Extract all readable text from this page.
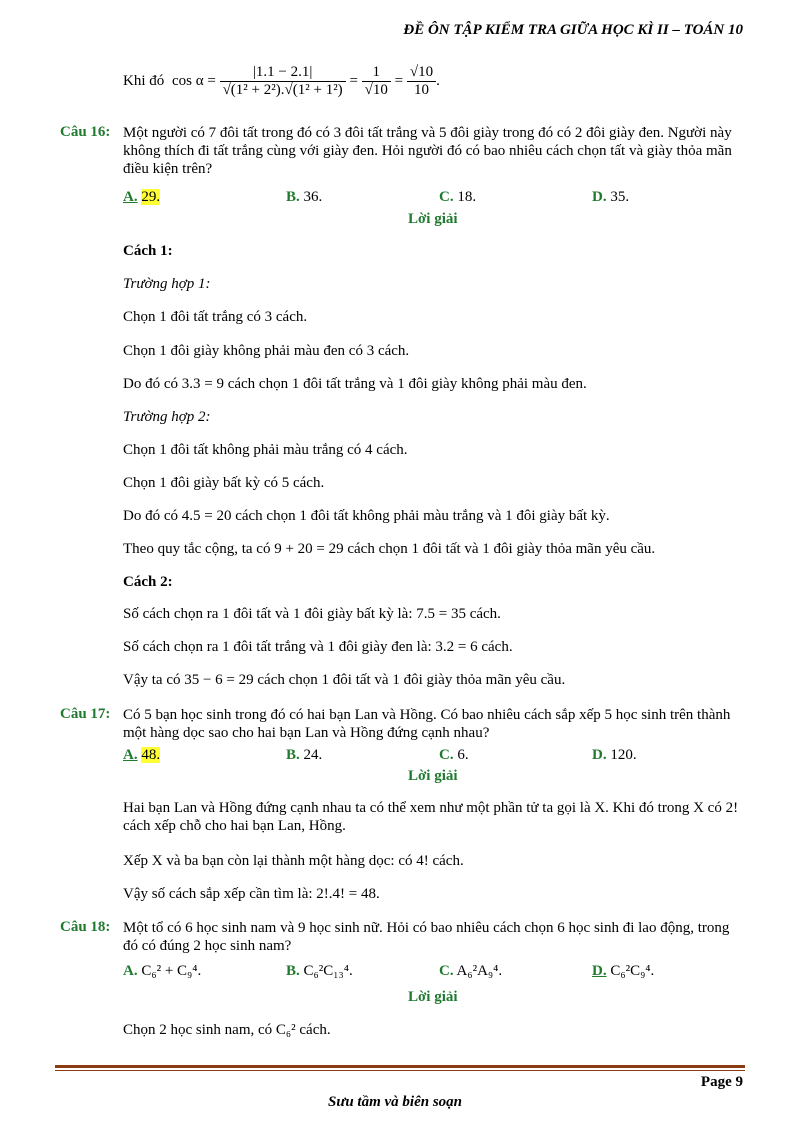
ĐỀ ÔN TẬP KIỂM TRA GIỮA HỌC KÌ II – TOÁN 10
Khi đó $\cos \alpha = \frac{|1.1 - 2.1|}{\text{√(1² + 2²).√(1² + 1²)}} = \frac{1}{√10} = \frac{√10}{10}$ .
Câu 16: Một người có 7 đôi tất trong đó có 3 đôi tất trắng và 5 đôi giày trong đó có 2 đôi giày đen. Người này không thích đi tất trắng cùng với giày đen. Hỏi người đó có bao nhiêu cách chọn tất và giày thỏa mãn điều kiện trên?
A. 29.	B. 36.	C. 18.	D. 35.
Lời giải
Cách 1:
Trường hợp 1:
Chọn 1 đôi tất trắng có 3 cách.
Chọn 1 đôi giày không phải màu đen có 3 cách.
Do đó có 3.3 = 9 cách chọn 1 đôi tất trắng và 1 đôi giày không phải màu đen.
Trường hợp 2:
Chọn 1 đôi tất không phải màu trắng có 4 cách.
Chọn 1 đôi giày bất kỳ có 5 cách.
Do đó có 4.5 = 20 cách chọn 1 đôi tất không phải màu trắng và 1 đôi giày bất kỳ.
Theo quy tắc cộng, ta có 9 + 20 = 29 cách chọn 1 đôi tất và 1 đôi giày thỏa mãn yêu cầu.
Cách 2:
Số cách chọn ra 1 đôi tất và 1 đôi giày bất kỳ là: 7.5 = 35 cách.
Số cách chọn ra 1 đôi tất trắng và 1 đôi giày đen là: 3.2 = 6 cách.
Vậy ta có 35 − 6 = 29 cách chọn 1 đôi tất và 1 đôi giày thỏa mãn yêu cầu.
Câu 17: Có 5 bạn học sinh trong đó có hai bạn Lan và Hồng. Có bao nhiêu cách sắp xếp 5 học sinh trên thành một hàng dọc sao cho hai bạn Lan và Hồng đứng cạnh nhau?
A. 48.	B. 24.	C. 6.	D. 120.
Lời giải
Hai bạn Lan và Hồng đứng cạnh nhau ta có thể xem như một phần tử ta gọi là X. Khi đó trong X có 2! cách xếp chỗ cho hai bạn Lan, Hồng.
Xếp X và ba bạn còn lại thành một hàng dọc: có 4! cách.
Vậy số cách sắp xếp cần tìm là: 2!.4! = 48.
Câu 18: Một tổ có 6 học sinh nam và 9 học sinh nữ. Hỏi có bao nhiêu cách chọn 6 học sinh đi lao động, trong đó có đúng 2 học sinh nam?
A. C₆² + C₉⁴.	B. C₆²C₁₃⁴.	C. A₆²A₉⁴.	D. C₆²C₉⁴.
Lời giải
Chọn 2 học sinh nam, có C₆² cách.
Page 9
Sưu tầm và biên soạn
